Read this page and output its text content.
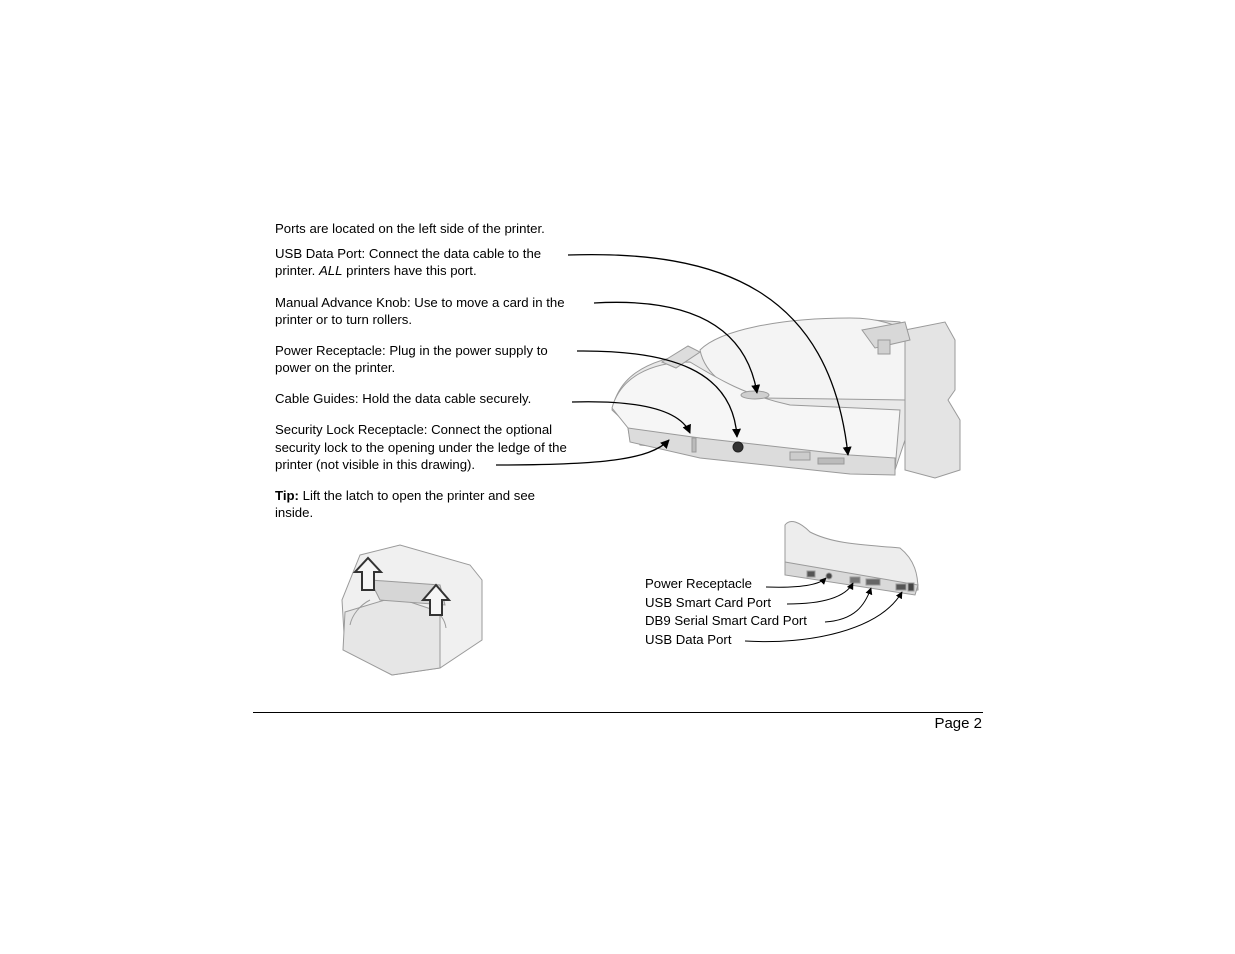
Ports are located on the left side of the printer.
USB Data Port: Connect the data cable to the
printer. ALL printers have this port.
Manual Advance Knob: Use to move a card in the
printer or to turn rollers.
Power Receptacle: Plug in the power supply to
power on the printer.
Cable Guides: Hold the data cable securely.
Security Lock Receptacle: Connect the optional
security lock to the opening under the ledge of the
printer (not visible in this drawing).
Tip: Lift the latch to open the printer and see
inside.
Power Receptacle
USB Smart Card Port
DB9 Serial Smart Card Port
USB Data Port
Page 2
